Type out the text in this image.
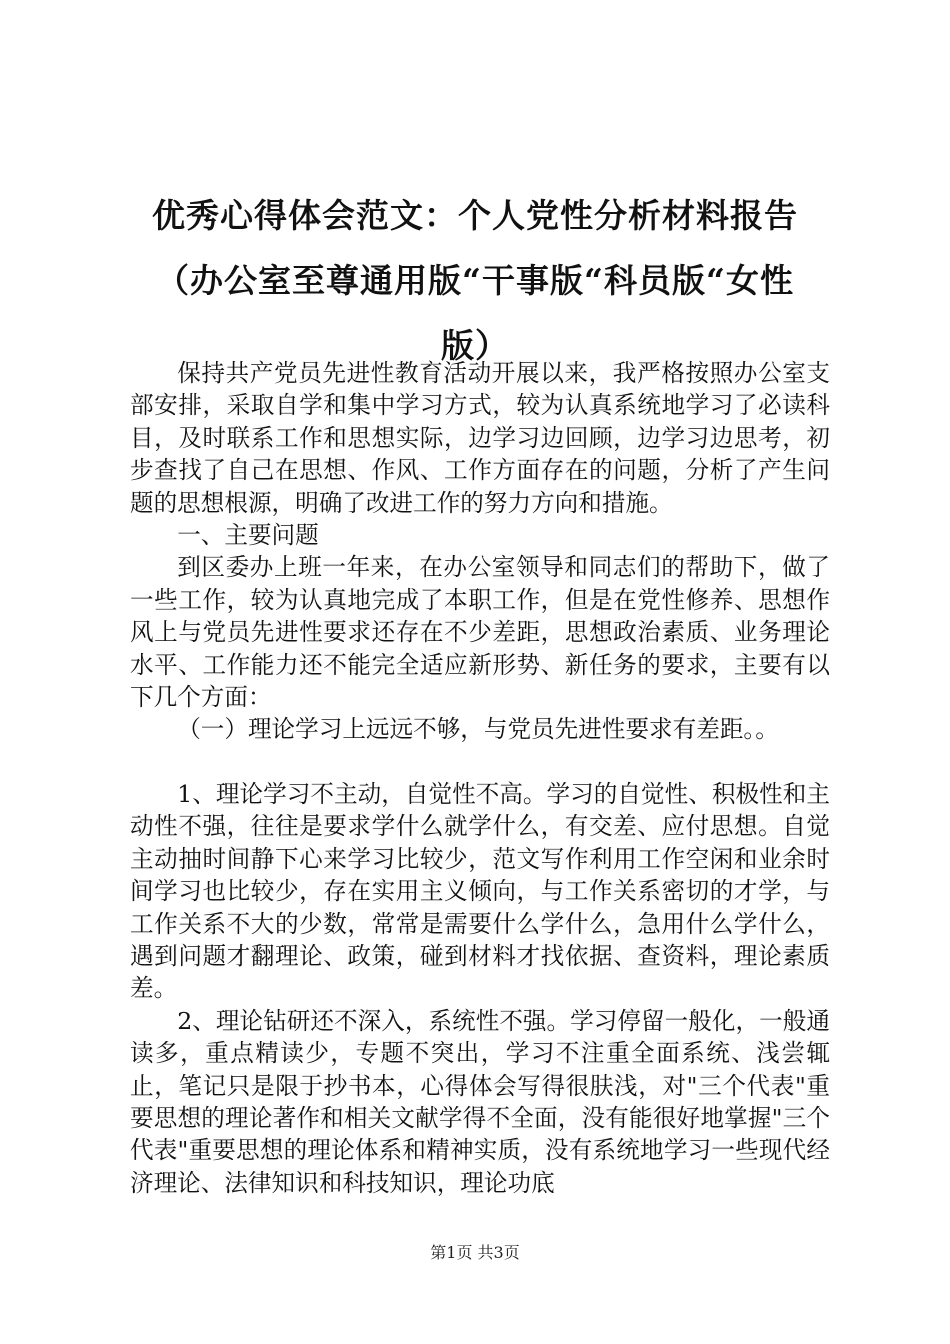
优秀心得体会范文：个人党性分析材料报告
（办公室至尊通用版“干事版“科员版“女性
版）

保持共产党员先进性教育活动开展以来，我严格按照办公室支部安排，采取自学和集中学习方式，较为认真系统地学习了必读科目，及时联系工作和思想实际，边学习边回顾，边学习边思考，初步查找了自己在思想、作风、工作方面存在的问题，分析了产生问题的思想根源，明确了改进工作的努力方向和措施。

一、主要问题

到区委办上班一年来，在办公室领导和同志们的帮助下，做了一些工作，较为认真地完成了本职工作，但是在党性修养、思想作风上与党员先进性要求还存在不少差距，思想政治素质、业务理论水平、工作能力还不能完全适应新形势、新任务的要求，主要有以下几个方面：

（一）理论学习上远远不够，与党员先进性要求有差距。。

1、理论学习不主动，自觉性不高。学习的自觉性、积极性和主动性不强，往往是要求学什么就学什么，有交差、应付思想。自觉主动抽时间静下心来学习比较少，范文写作利用工作空闲和业余时间学习也比较少，存在实用主义倾向，与工作关系密切的才学，与工作关系不大的少数，常常是需要什么学什么，急用什么学什么，遇到问题才翻理论、政策，碰到材料才找依据、查资料，理论素质差。

2、理论钻研还不深入，系统性不强。学习停留一般化，一般通读多，重点精读少，专题不突出，学习不注重全面系统、浅尝辄止，笔记只是限于抄书本，心得体会写得很肤浅，对"三个代表"重要思想的理论著作和相关文献学得不全面，没有能很好地掌握"三个代表"重要思想的理论体系和精神实质，没有系统地学习一些现代经济理论、法律知识和科技知识，理论功底

第1页 共3页
